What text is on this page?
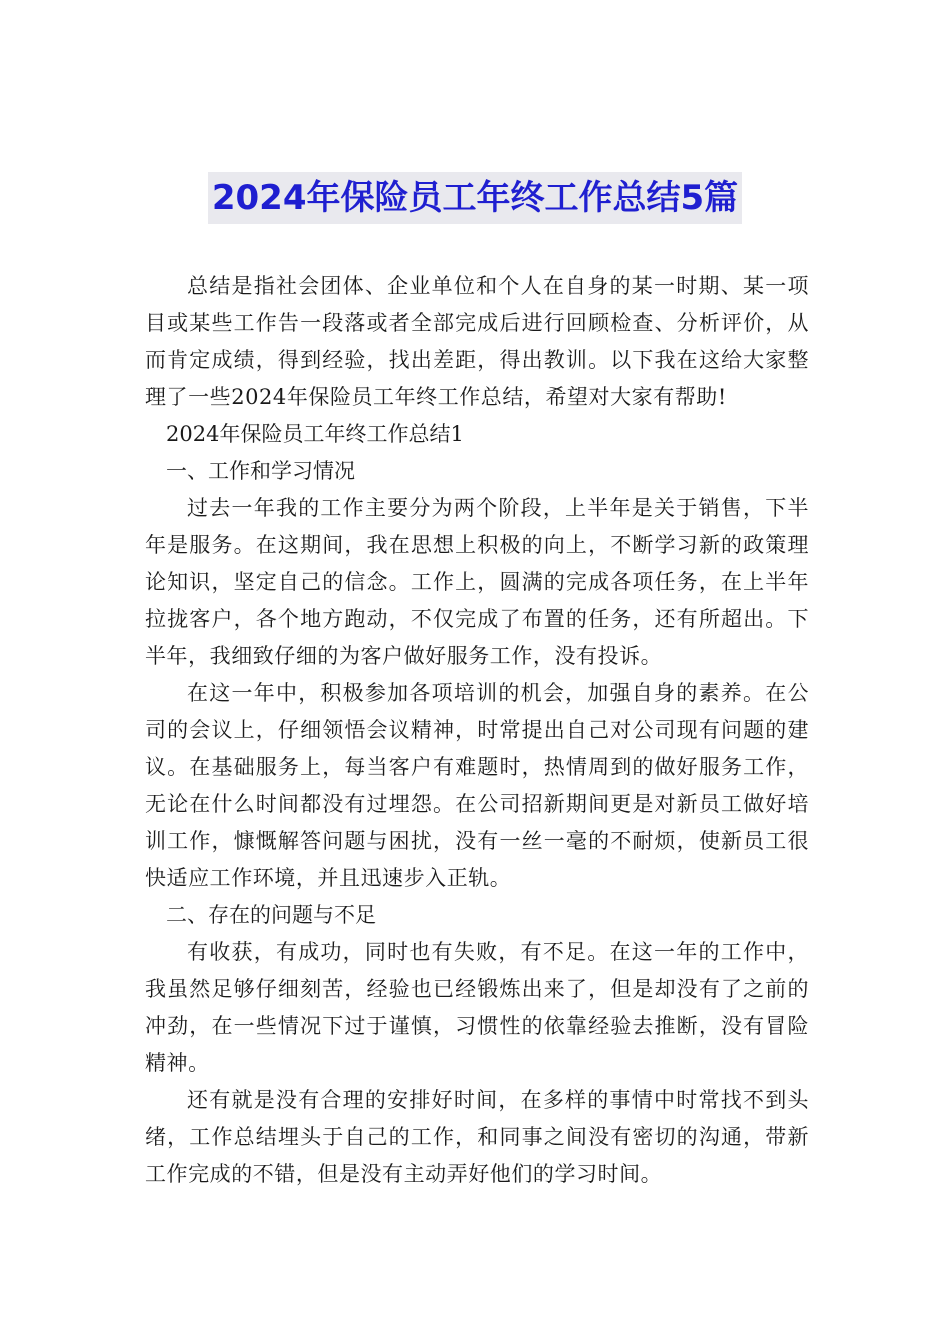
2024年保险员工年终工作总结5篇

总结是指社会团体、企业单位和个人在自身的某一时期、某一项目或某些工作告一段落或者全部完成后进行回顾检查、分析评价，从而肯定成绩，得到经验，找出差距，得出教训。以下我在这给大家整理了一些2024年保险员工年终工作总结，希望对大家有帮助!

2024年保险员工年终工作总结1

一、工作和学习情况

过去一年我的工作主要分为两个阶段，上半年是关于销售，下半年是服务。在这期间，我在思想上积极的向上，不断学习新的政策理论知识，坚定自己的信念。工作上，圆满的完成各项任务，在上半年拉拢客户，各个地方跑动，不仅完成了布置的任务，还有所超出。下半年，我细致仔细的为客户做好服务工作，没有投诉。

在这一年中，积极参加各项培训的机会，加强自身的素养。在公司的会议上，仔细领悟会议精神，时常提出自己对公司现有问题的建议。在基础服务上，每当客户有难题时，热情周到的做好服务工作，无论在什么时间都没有过埋怨。在公司招新期间更是对新员工做好培训工作，慷慨解答问题与困扰，没有一丝一毫的不耐烦，使新员工很快适应工作环境，并且迅速步入正轨。

二、存在的问题与不足

有收获，有成功，同时也有失败，有不足。在这一年的工作中，我虽然足够仔细刻苦，经验也已经锻炼出来了，但是却没有了之前的冲劲，在一些情况下过于谨慎，习惯性的依靠经验去推断，没有冒险精神。

还有就是没有合理的安排好时间，在多样的事情中时常找不到头绪，工作总结埋头于自己的工作，和同事之间没有密切的沟通，带新工作完成的不错，但是没有主动弄好他们的学习时间。
